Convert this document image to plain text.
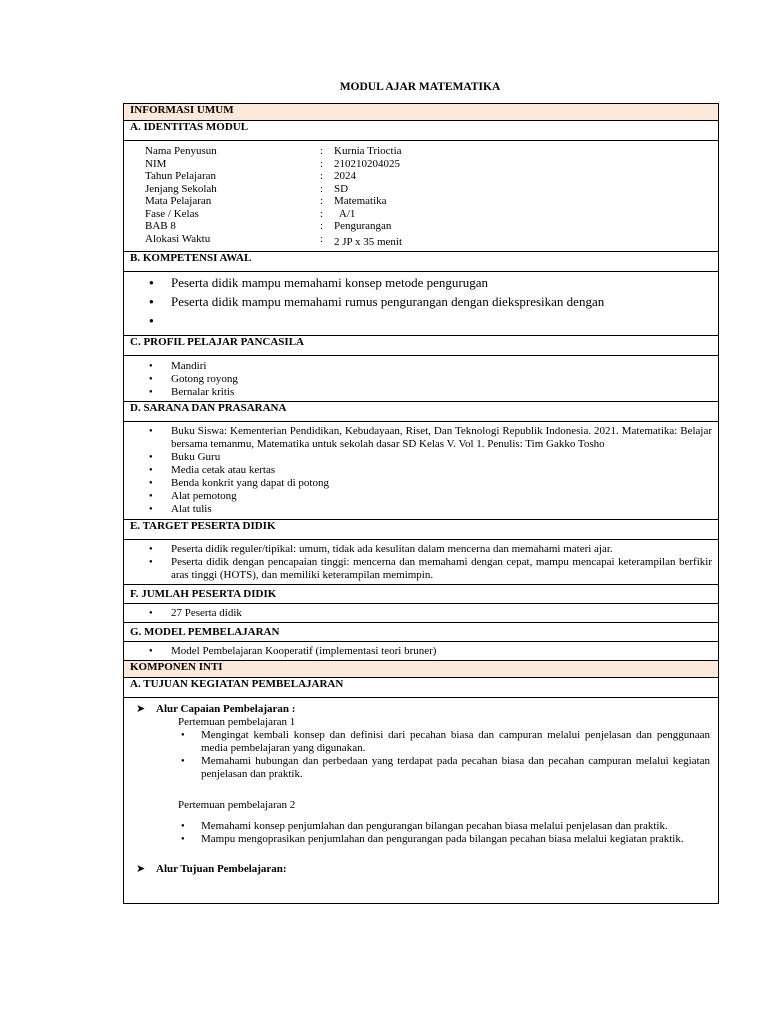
MODUL AJAR MATEMATIKA
INFORMASI UMUM
A. IDENTITAS MODUL

Nama Penyusun	: Kurnia Trioctia
NIM	: 210210204025
Tahun Pelajaran	: 2024
Jenjang Sekolah	: SD
Mata Pelajaran	: Matematika
Fase / Kelas	: A/1
BAB 8	: Pengurangan
Alokasi Waktu	: 2 JP x 35 menit

B. KOMPETENSI AWAL

● Peserta didik mampu memahami konsep metode pengurugan
● Peserta didik mampu memahami rumus pengurangan dengan diekspresikan dengan
●

C. PROFIL PELAJAR PANCASILA

● Mandiri
● Gotong royong
● Bernalar kritis

D. SARANA DAN PRASARANA

● Buku Siswa: Kementerian Pendidikan, Kebudayaan, Riset, Dan Teknologi Republik Indonesia. 2021. Matematika: Belajar bersama temanmu, Matematika untuk sekolah dasar SD Kelas V. Vol 1. Penulis: Tim Gakko Tosho
● Buku Guru
● Media cetak atau kertas
● Benda konkrit yang dapat di potong
● Alat pemotong
● Alat tulis

E. TARGET PESERTA DIDIK

● Peserta didik reguler/tipikal: umum, tidak ada kesulitan dalam mencerna dan memahami materi ajar.
● Peserta didik dengan pencapaian tinggi: mencerna dan memahami dengan cepat, mampu mencapai keterampilan berfikir aras tinggi (HOTS), dan memiliki keterampilan memimpin.

F. JUMLAH PESERTA DIDIK

● 27 Peserta didik

G. MODEL PEMBELAJARAN

● Model Pembelajaran Kooperatif (implementasi teori bruner)

KOMPONEN INTI
A. TUJUAN KEGIATAN PEMBELAJARAN

➤ Alur Capaian Pembelajaran :
Pertemuan pembelajaran 1
● Mengingat kembali konsep dan definisi dari pecahan biasa dan campuran melalui penjelasan dan penggunaan media pembelajaran yang digunakan.
● Memahami hubungan dan perbedaan yang terdapat pada pecahan biasa dan pecahan campuran melalui kegiatan penjelasan dan praktik.
Pertemuan pembelajaran 2
● Memahami konsep penjumlahan dan pengurangan bilangan pecahan biasa melalui penjelasan dan praktik.
● Mampu mengoprasikan penjumlahan dan pengurangan pada bilangan pecahan biasa melalui kegiatan praktik.
➤ Alur Tujuan Pembelajaran:
